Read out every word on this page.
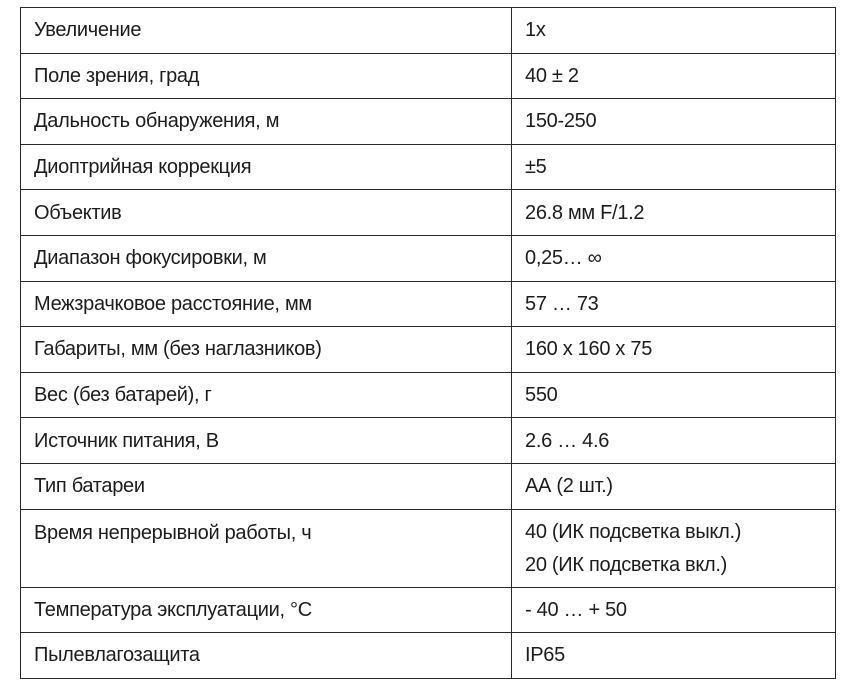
Увеличение	1x
Поле зрения, град	40 ± 2
Дальность обнаружения, м	150-250
Диоптрийная коррекция	±5
Объектив	26.8 мм F/1.2
Диапазон фокусировки, м	0,25… ∞
Межзрачковое расстояние, мм	57 … 73
Габариты, мм (без наглазников)	160 х 160 х 75
Вес (без батарей), г	550
Источник питания, В	2.6 … 4.6
Тип батареи	АА (2 шт.)
Время непрерывной работы, ч	40 (ИК подсветка выкл.)
20 (ИК подсветка вкл.)

Температура эксплуатации, °С	- 40 … + 50
Пылевлагозащита	IP65
